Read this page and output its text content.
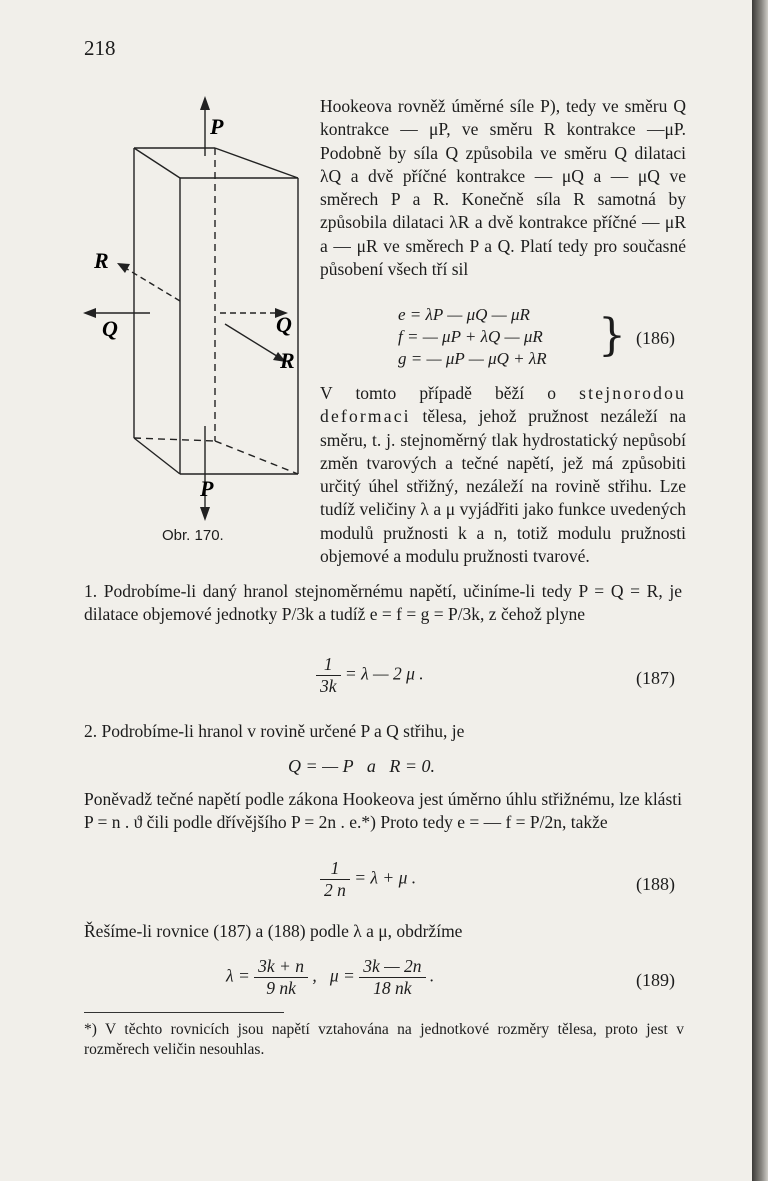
218
P
P
R
R
Q	Q
Obr. 170.
Hookeova rovněž úměrné síle P), tedy ve směru Q kontrakce — μP, ve směru R kontrakce —μP. Podobně by síla Q způsobila ve směru Q dilataci λQ a dvě příčné kontrakce — μQ a — μQ ve směrech P a R. Konečně síla R samotná by způsobila dilataci λR a dvě kontrakce příčné — μR a — μR ve směrech P a Q. Platí tedy pro současné působení všech tří sil
e = λP — μQ — μR
f = — μP + λQ — μR
g = — μP — μQ + λR } (186)
V tomto případě běží o stejnorodou deformaci tělesa, jehož pružnost nezáleží na směru, t. j. stejnoměrný tlak hydrostatický nepůsobí změn tvarových a tečné napětí, jež má způsobiti určitý úhel střižný, nezáleží na rovině střihu. Lze tudíž veličiny λ a μ vyjádřiti jako funkce uvedených modulů pružnosti k a n, totiž modulu pružnosti objemové a modulu pružnosti tvarové.
1. Podrobíme-li daný hranol stejnoměrnému napětí, učiníme-li tedy P = Q = R, je dilatace objemové jednotky P/3k a tudíž e = f = g = P/3k, z čehož plyne
$\frac{1}{3k} = \lambda$ — 2 μ .	(187)
2. Podrobíme-li hranol v rovině určené P a Q střihu, je
Q = — P   a   R = 0.
Poněvadž tečné napětí podle zákona Hookeova jest úměrno úhlu střižnému, lze klásti P = n . ϑ čili podle dřívějšího P = 2n . e.*) Proto tedy e = — f = P/2n, takže
$\frac{1}{2 n} = \lambda + \mu$ .	(188)
Řešíme-li rovnice (187) a (188) podle λ a μ, obdržíme
$\lambda = \frac{3k + n}{9 nk}$ ,   $\mu = \frac{3k — 2n}{18 nk}$ .	(189)
*) V těchto rovnicích jsou napětí vztahována na jednotkové rozměry tělesa, proto jest v rozměrech veličin nesouhlas.
